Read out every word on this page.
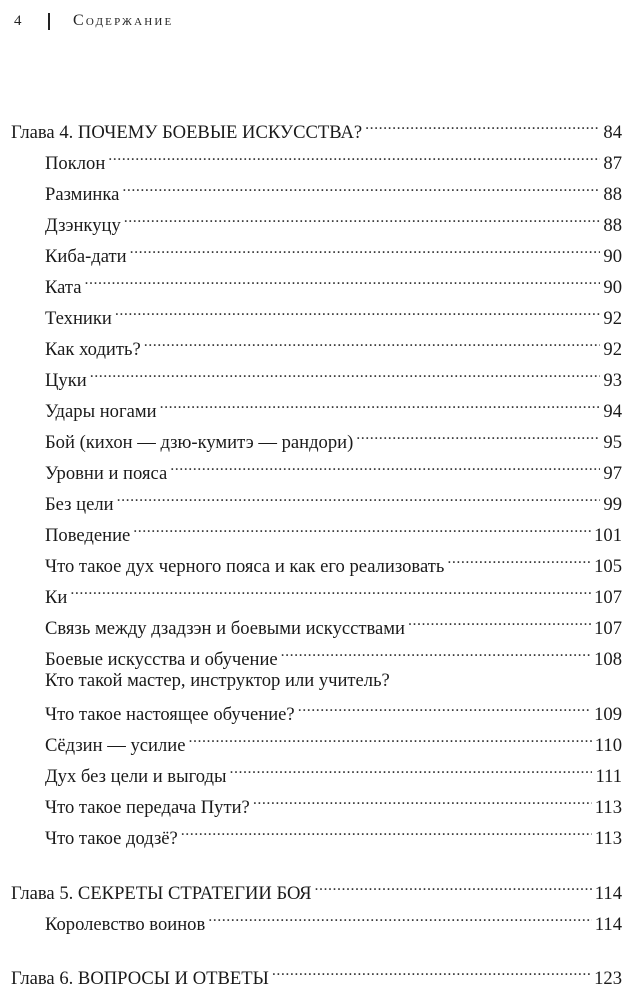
4	Содержание
Глава 4. ПОЧЕМУ БОЕВЫЕ ИСКУССТВА? .....	84
Поклон .....	87
Разминка .....	88
Дзэнкуцу .....	88
Киба-дати .....	90
Ката .....	90
Техники .....	92
Как ходить? .....	92
Цуки .....	93
Удары ногами .....	94
Бой (кихон — дзю-кумитэ — рандори) .....	95
Уровни и пояса .....	97
Без цели .....	99
Поведение .....	101
Что такое дух черного пояса и как его реализовать .....	105
Ки .....	107
Связь между дзадзэн и боевыми искусствами .....	107
Боевые искусства и обучение .....	108
Кто такой мастер, инструктор или учитель?
Что такое настоящее обучение? .....	109
Сёдзин — усилие .....	110
Дух без цели и выгоды .....	111
Что такое передача Пути? .....	113
Что такое додзё? .....	113
Глава 5. СЕКРЕТЫ СТРАТЕГИИ БОЯ .....	114
Королевство воинов .....	114
Глава 6. ВОПРОСЫ И ОТВЕТЫ .....	123
